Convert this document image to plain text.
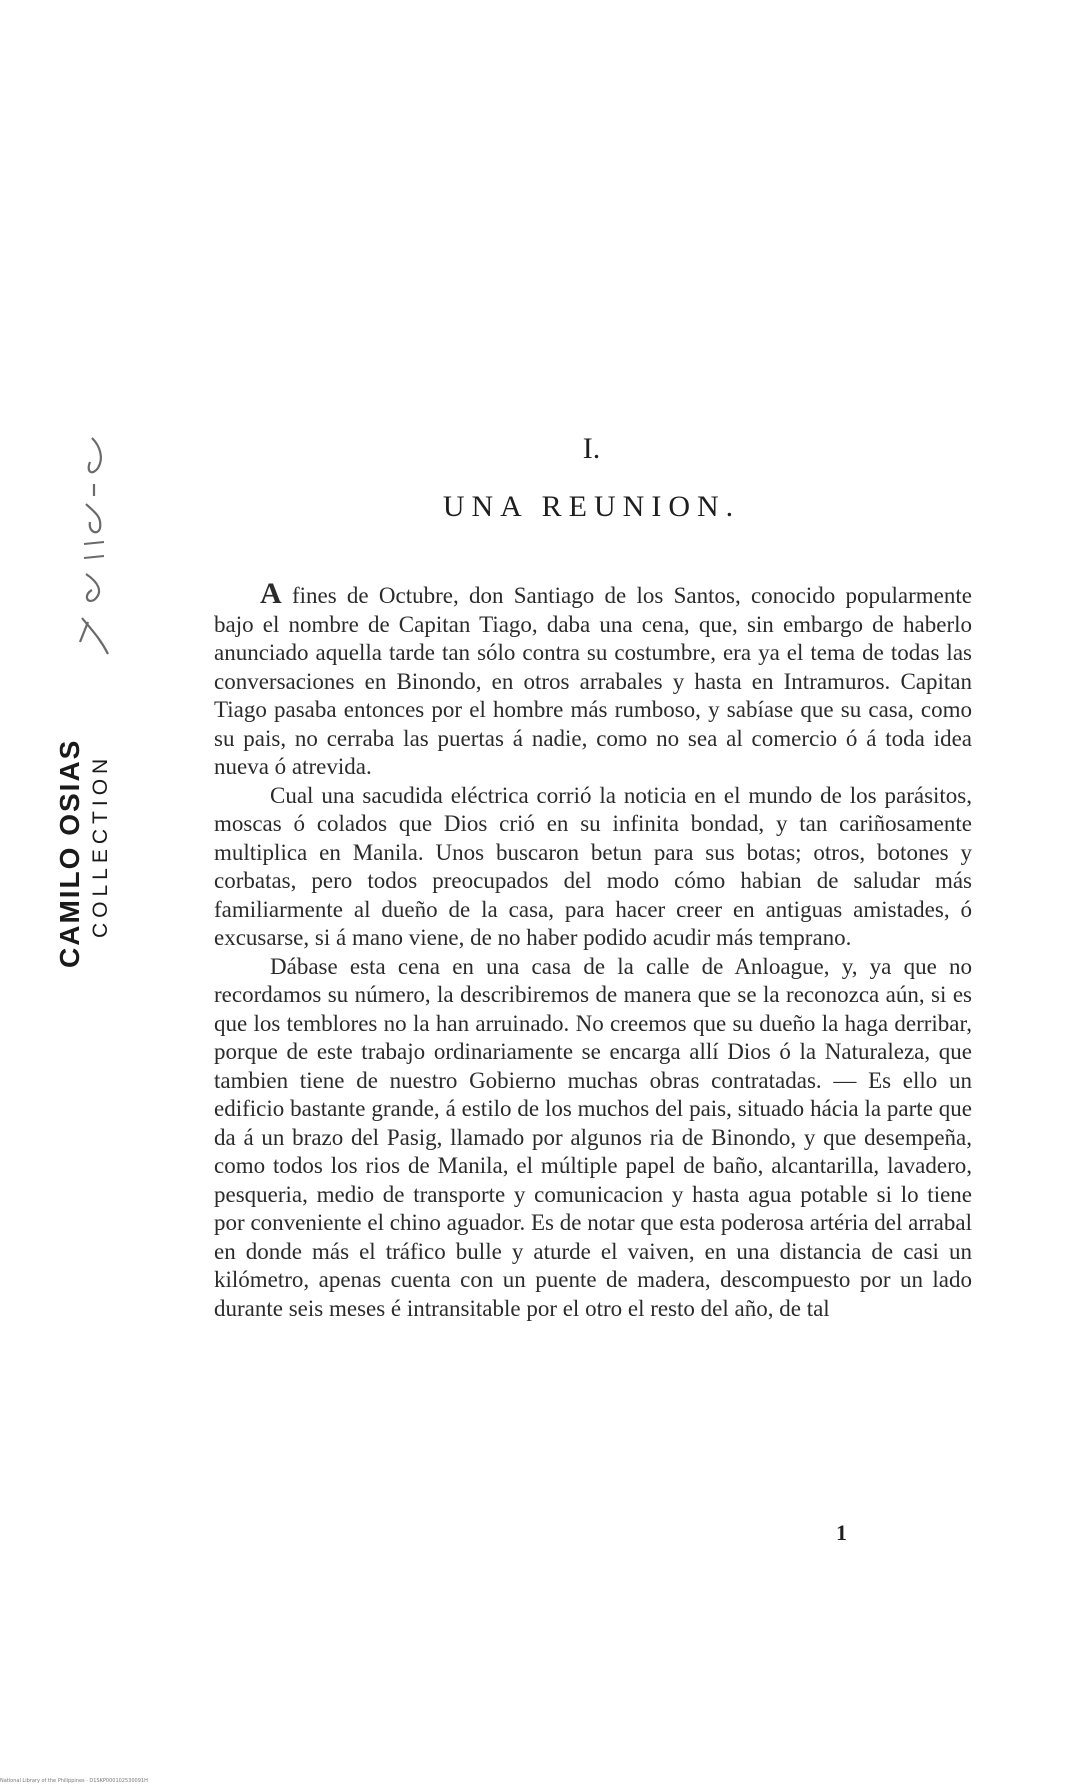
CAMILO OSIAS COLLECTION
I.
UNA REUNION.

A fines de Octubre, don Santiago de los Santos, conocido popularmente bajo el nombre de Capitan Tiago, daba una cena, que, sin embargo de haberlo anunciado aquella tarde tan sólo contra su costumbre, era ya el tema de todas las conversaciones en Binondo, en otros arrabales y hasta en Intramuros. Capitan Tiago pasaba entonces por el hombre más rumboso, y sabíase que su casa, como su pais, no cerraba las puertas á nadie, como no sea al comercio ó á toda idea nueva ó atrevida.

Cual una sacudida eléctrica corrió la noticia en el mundo de los parásitos, moscas ó colados que Dios crió en su infinita bondad, y tan cariñosamente multiplica en Manila. Unos buscaron betun para sus botas; otros, botones y corbatas, pero todos preocupados del modo cómo habian de saludar más familiarmente al dueño de la casa, para hacer creer en antiguas amistades, ó excusarse, si á mano viene, de no haber podido acudir más temprano.

Dábase esta cena en una casa de la calle de Anloague, y, ya que no recordamos su número, la describiremos de manera que se la reconozca aún, si es que los temblores no la han arruinado. No creemos que su dueño la haga derribar, porque de este trabajo ordinariamente se encarga allí Dios ó la Naturaleza, que tambien tiene de nuestro Gobierno muchas obras contratadas. — Es ello un edificio bastante grande, á estilo de los muchos del pais, situado hácia la parte que da á un brazo del Pasig, llamado por algunos ria de Binondo, y que desempeña, como todos los rios de Manila, el múltiple papel de baño, alcantarilla, lavadero, pesqueria, medio de transporte y comunicacion y hasta agua potable si lo tiene por conveniente el chino aguador. Es de notar que esta poderosa artéria del arrabal en donde más el tráfico bulle y aturde el vaiven, en una distancia de casi un kilómetro, apenas cuenta con un puente de madera, descompuesto por un lado durante seis meses é intransitable por el otro el resto del año, de tal

1
National Library of the Philippines · D1SKP000102530091H
